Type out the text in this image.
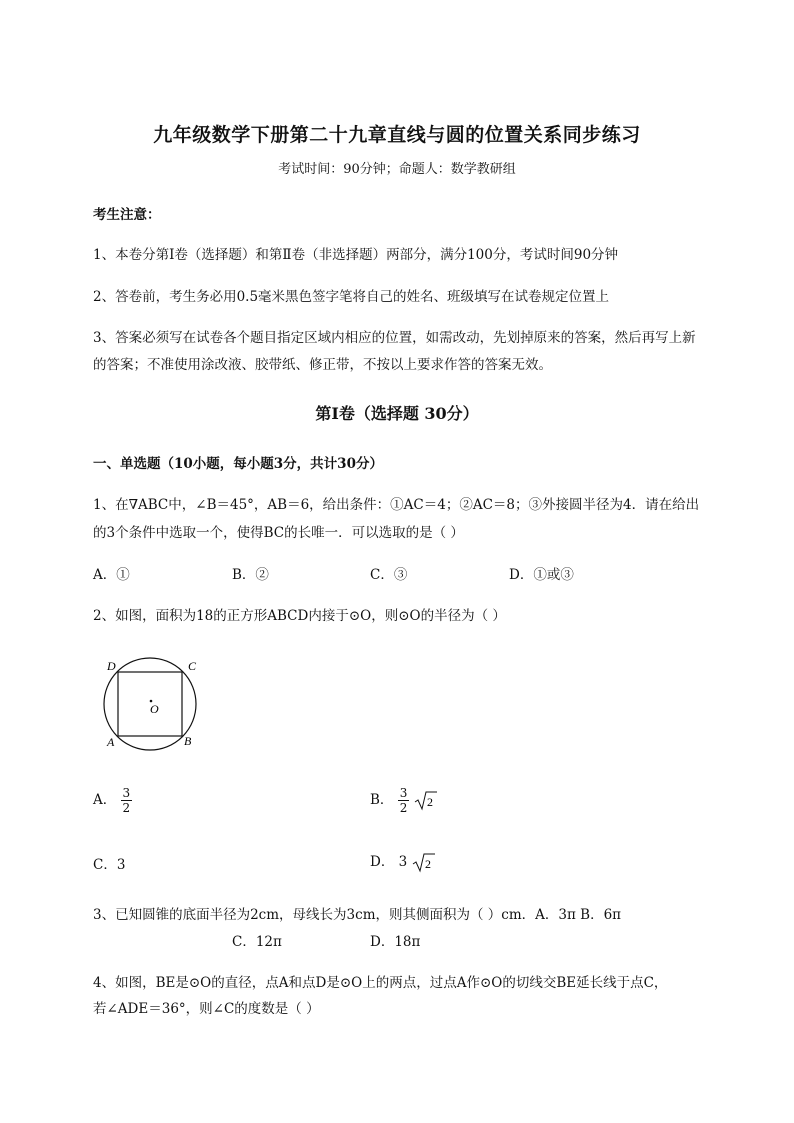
九年级数学下册第二十九章直线与圆的位置关系同步练习
考试时间：90分钟；命题人：数学教研组
考生注意：
1、本卷分第Ⅰ卷（选择题）和第Ⅱ卷（非选择题）两部分，满分100分，考试时间90分钟
2、答卷前，考生务必用0.5毫米黑色签字笔将自己的姓名、班级填写在试卷规定位置上
3、答案必须写在试卷各个题目指定区域内相应的位置，如需改动，先划掉原来的答案，然后再写上新
的答案；不准使用涂改液、胶带纸、修正带，不按以上要求作答的答案无效。
第Ⅰ卷（选择题 30分）
一、单选题（10小题，每小题3分，共计30分）
1、在∇ABC中，∠B＝45°，AB＝6，给出条件：①AC＝4；②AC＝8；③外接圆半径为4．请在给出
的3个条件中选取一个，使得BC的长唯一．可以选取的是（ ）
A．①	B．②	C．③	D．①或③
2、如图，面积为18的正方形ABCD内接于⊙O，则⊙O的半径为（ ）
A	B
C
D
O
A． $\frac{3}{2}$	B． $\frac{3}{2}$
2
C．3	D． 3 2
3、已知圆锥的底面半径为2cm，母线长为3cm，则其侧面积为（ ）cm．A．3π B．6π
C．12π	D．18π
4、如图，BE是⊙O的直径，点A和点D是⊙O上的两点，过点A作⊙O的切线交BE延长线于点C，
若∠ADE＝36°，则∠C的度数是（ ）
